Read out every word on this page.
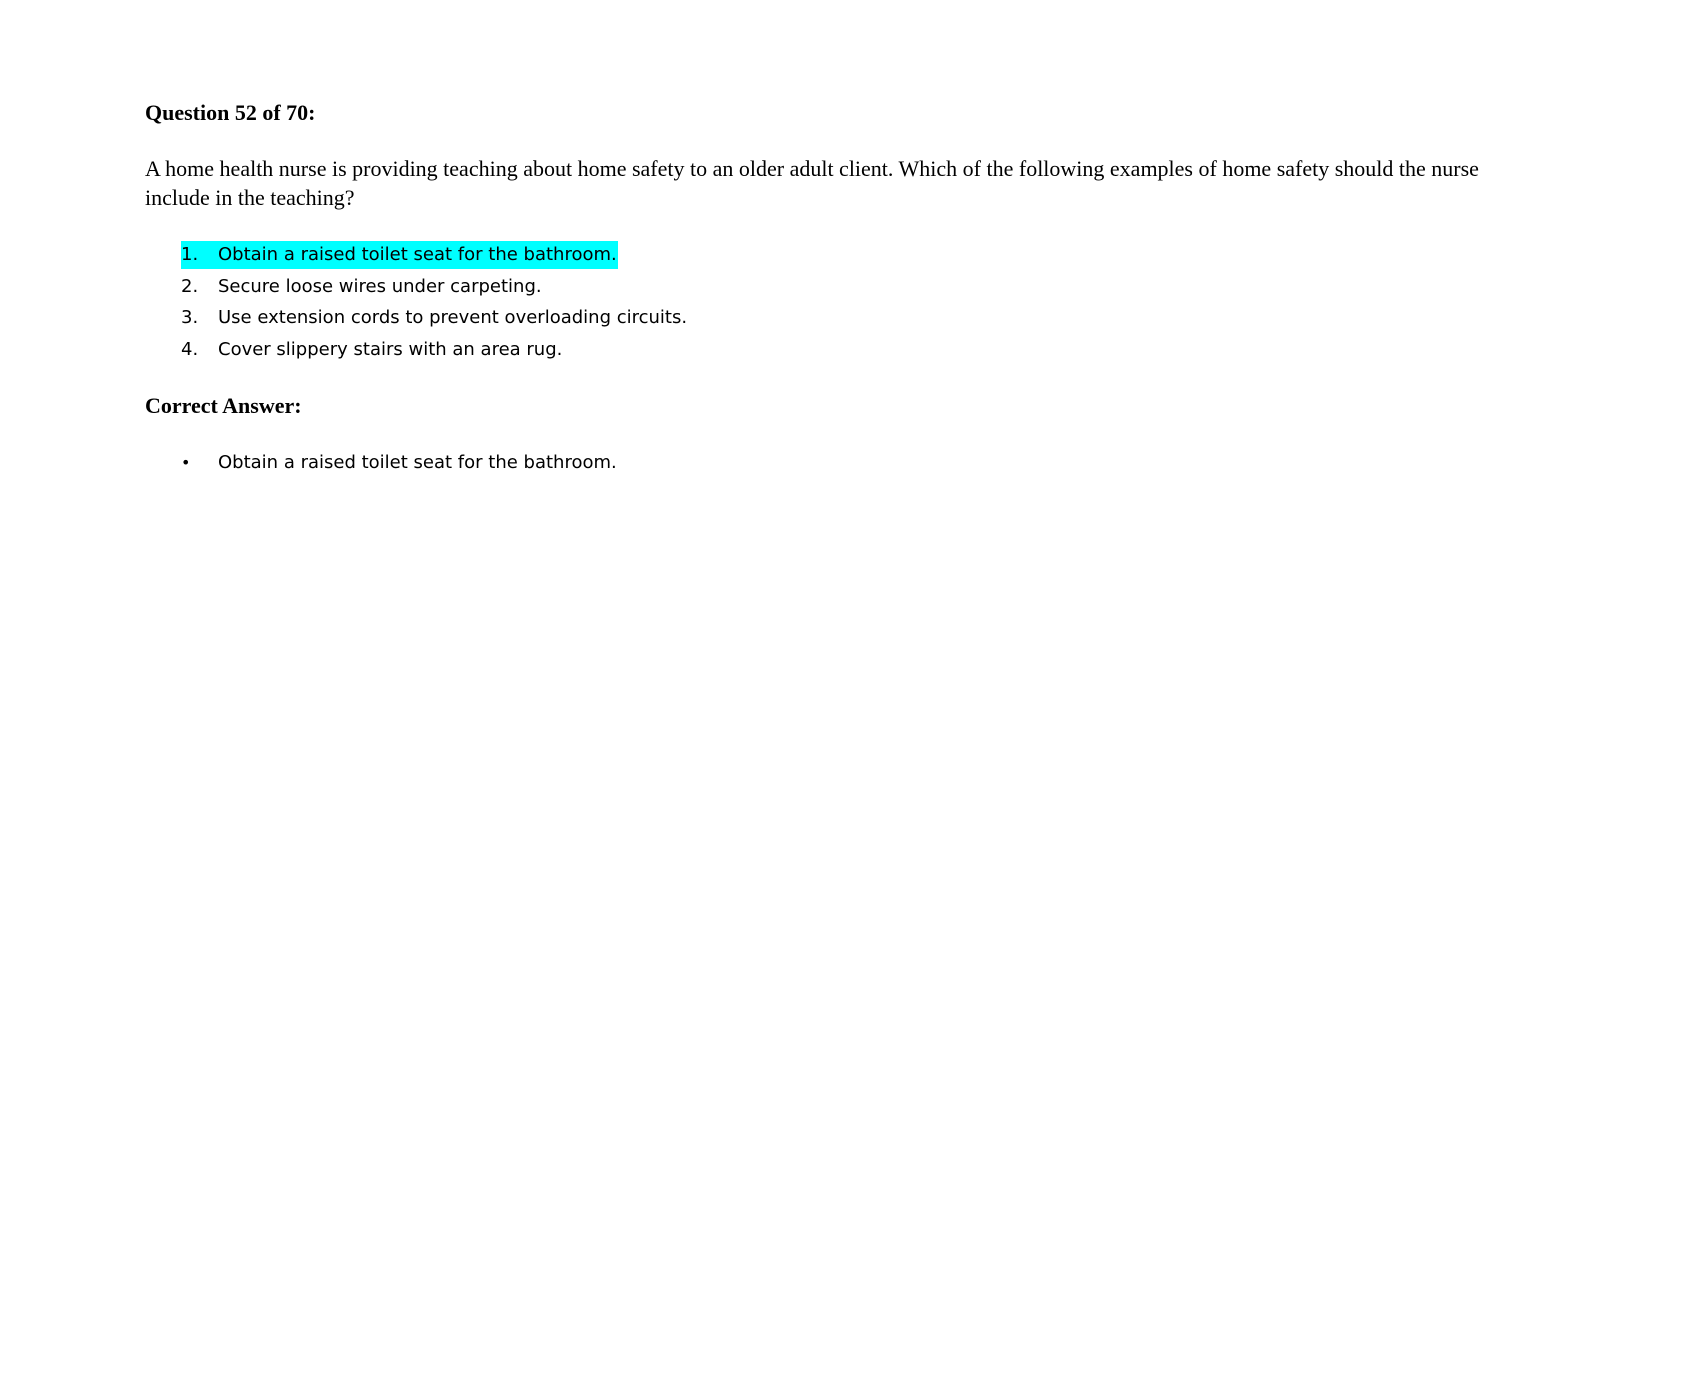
Question 52 of 70:
A home health nurse is providing teaching about home safety to an older adult client. Which of the following examples of home safety should the nurse include in the teaching?
1. Obtain a raised toilet seat for the bathroom.
2. Secure loose wires under carpeting.
3. Use extension cords to prevent overloading circuits.
4. Cover slippery stairs with an area rug.
Correct Answer:
• Obtain a raised toilet seat for the bathroom.
